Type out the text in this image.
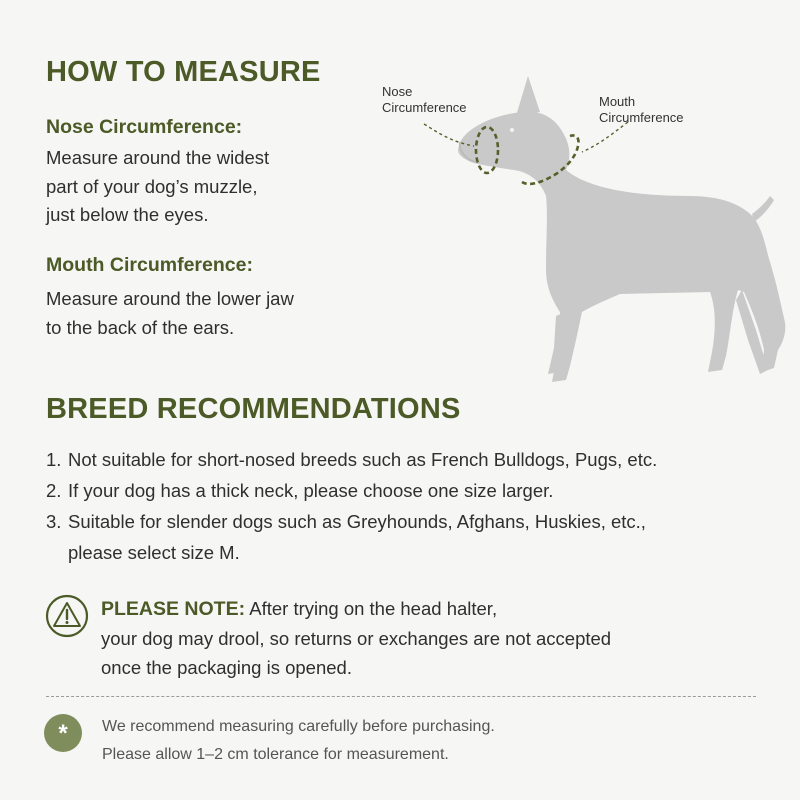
HOW TO MEASURE
Nose Circumference:
Measure around the widest
part of your dog’s muzzle,
just below the eyes.
Mouth Circumference:
Measure around the lower jaw
to the back of the ears.
Nose
Circumference	Mouth
Circumference
BREED RECOMMENDATIONS
1. Not suitable for short-nosed breeds such as French Bulldogs, Pugs, etc.
2. If your dog has a thick neck, please choose one size larger.
3. Suitable for slender dogs such as Greyhounds, Afghans, Huskies, etc.,
please select size M.
PLEASE NOTE: After trying on the head halter,
your dog may drool, so returns or exchanges are not accepted
once the packaging is opened.
*	We recommend measuring carefully before purchasing.
Please allow 1–2 cm tolerance for measurement.
